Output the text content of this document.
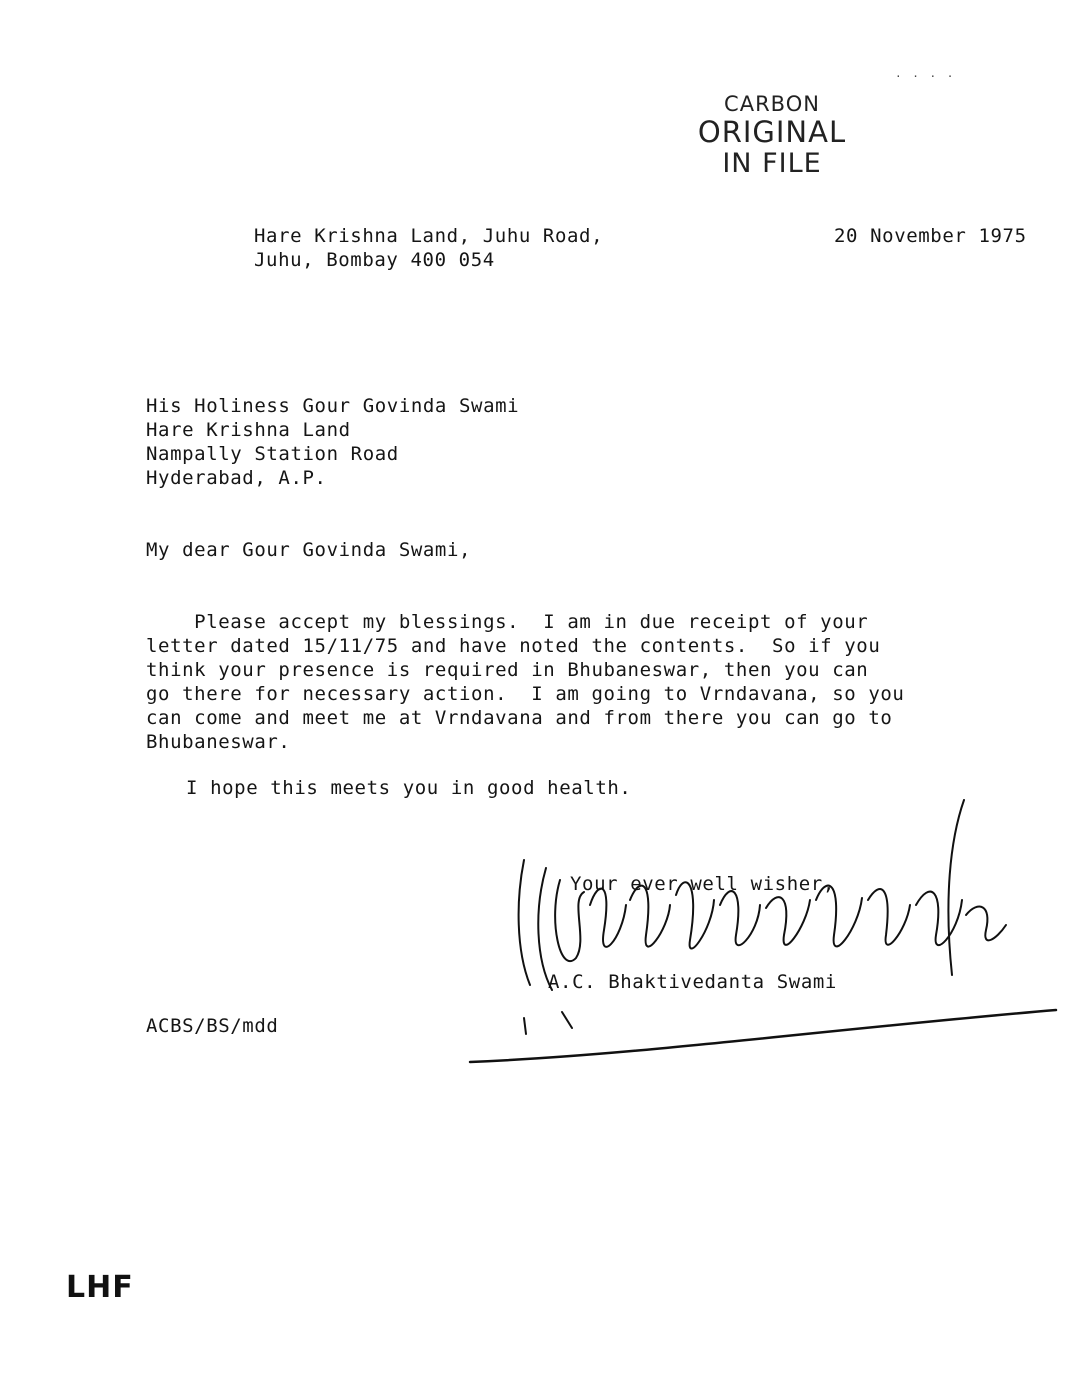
CARBON
ORIGINAL
IN FILE
Hare Krishna Land, Juhu Road,
Juhu, Bombay 400 054
20 November 1975
His Holiness Gour Govinda Swami
Hare Krishna Land
Nampally Station Road
Hyderabad, A.P.
My dear Gour Govinda Swami,
Please accept my blessings.  I am in due receipt of your
letter dated 15/11/75 and have noted the contents.  So if you
think your presence is required in Bhubaneswar, then you can
go there for necessary action.  I am going to Vrndavana, so you
can come and meet me at Vrndavana and from there you can go to
Bhubaneswar.
I hope this meets you in good health.
Your ever well wisher,
A.C. Bhaktivedanta Swami
ACBS/BS/mdd
LHF
· · · ·
